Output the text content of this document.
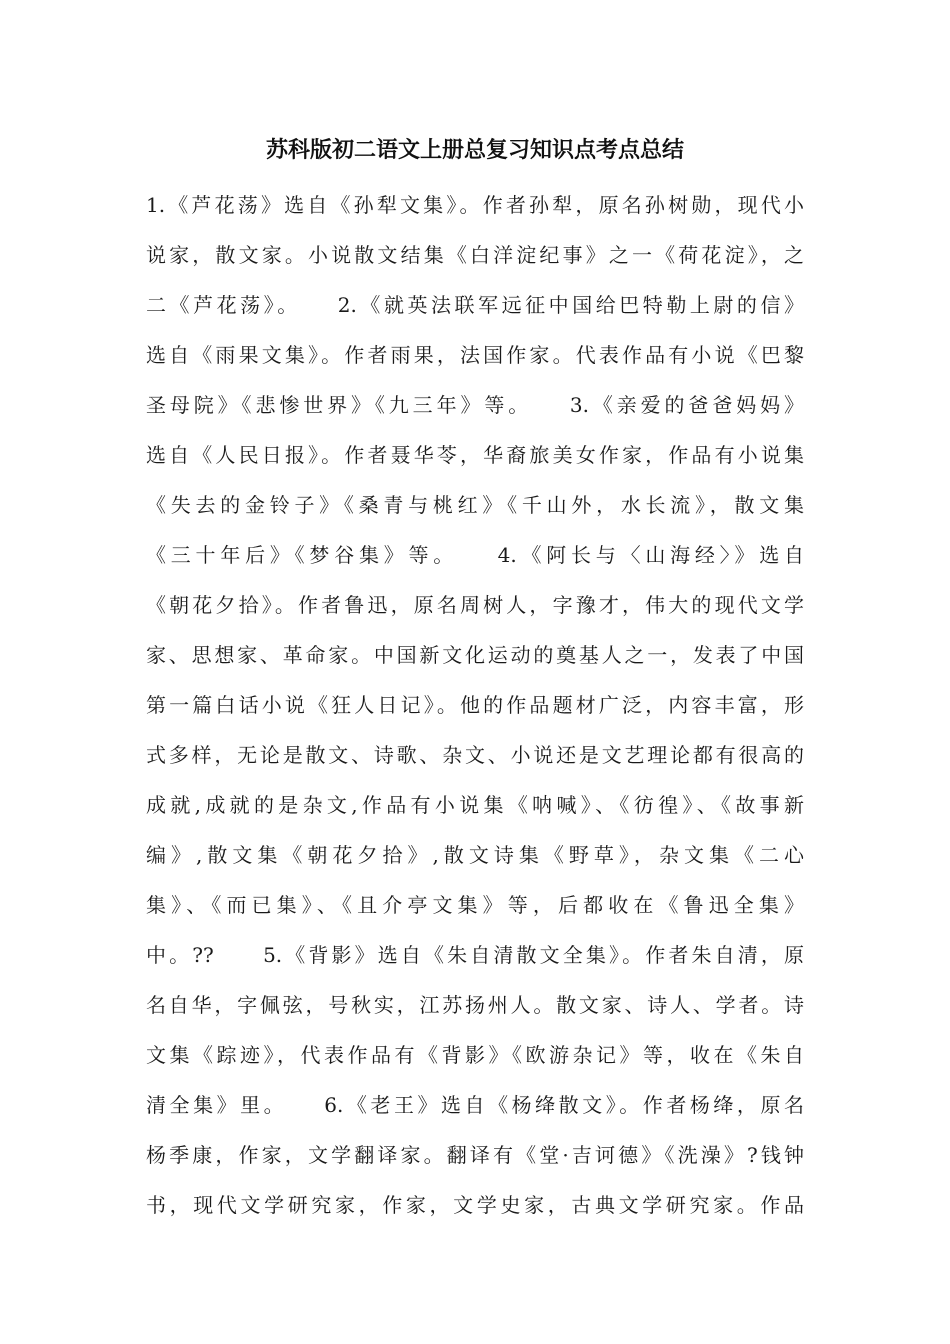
苏科版初二语文上册总复习知识点考点总结
1.《芦花荡》选自《孙犁文集》。作者孙犁，原名孙树勋，现代小
说家，散文家。小说散文结集《白洋淀纪事》之一《荷花淀》，之
二《芦花荡》。　　2.《就英法联军远征中国给巴特勒上尉的信》
选自《雨果文集》。作者雨果，法国作家。代表作品有小说《巴黎
圣母院》《悲惨世界》《九三年》等。　　3.《亲爱的爸爸妈妈》
选自《人民日报》。作者聂华苓，华裔旅美女作家，作品有小说集
《失去的金铃子》《桑青与桃红》《千山外，水长流》，散文集
《三十年后》《梦谷集》等。　　4.《阿长与〈山海经〉》选自
《朝花夕拾》。作者鲁迅，原名周树人，字豫才，伟大的现代文学
家、思想家、革命家。中国新文化运动的奠基人之一，发表了中国
第一篇白话小说《狂人日记》。他的作品题材广泛，内容丰富，形
式多样，无论是散文、诗歌、杂文、小说还是文艺理论都有很高的
成就,成就的是杂文,作品有小说集《呐喊》、《彷徨》、《故事新
编》,散文集《朝花夕拾》,散文诗集《野草》，杂文集《二心
集》、《而已集》、《且介亭文集》等，后都收在《鲁迅全集》
中。??　　5.《背影》选自《朱自清散文全集》。作者朱自清，原
名自华，字佩弦，号秋实，江苏扬州人。散文家、诗人、学者。诗
文集《踪迹》，代表作品有《背影》《欧游杂记》等，收在《朱自
清全集》里。　　6.《老王》选自《杨绛散文》。作者杨绛，原名
杨季康，作家，文学翻译家。翻译有《堂·吉诃德》《洗澡》?钱钟
书，现代文学研究家，作家，文学史家，古典文学研究家。作品
